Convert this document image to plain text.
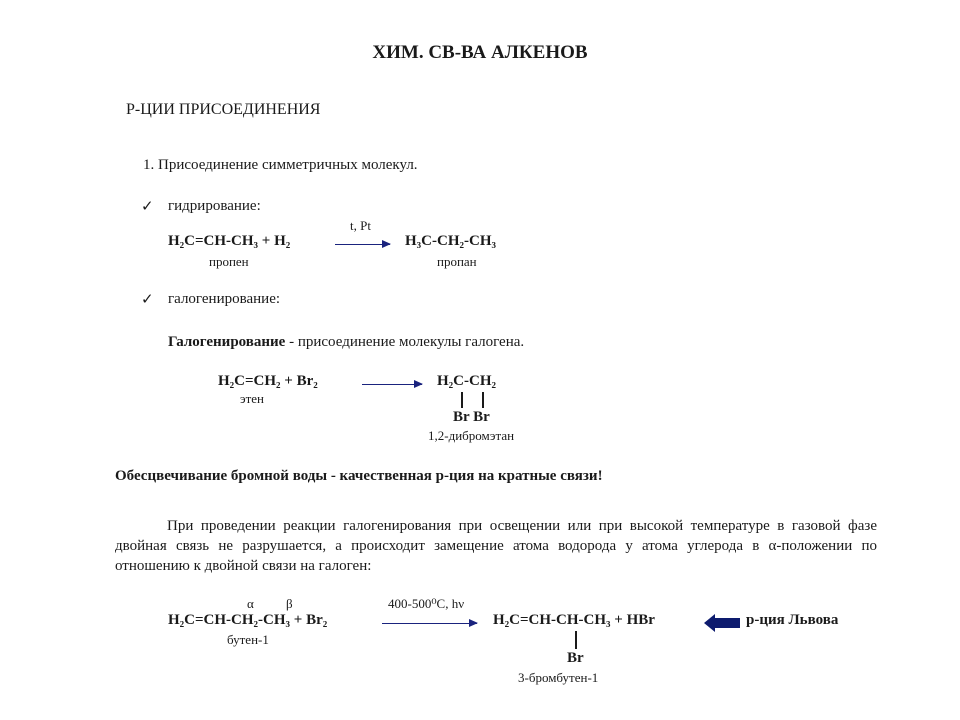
ХИМ. СВ-ВА АЛКЕНОВ
Р-ЦИИ ПРИСОЕДИНЕНИЯ
1. Присоединение симметричных молекул.
✓ гидрирование:
t, Pt
H₂C=CH-CH₃ + H₂	→ H₃C-CH₂-CH₃
пропен	пропан
✓ галогенирование:
Галогенирование - присоединение молекулы галогена.
H₂C=CH₂ + Br₂	→ H₂C-CH₂
этен
Br Br
1,2-дибромэтан
Обесцвечивание бромной воды - качественная р-ция на кратные связи!
При проведении реакции галогенирования при освещении или при высокой температуре в газовой фазе двойная связь не разрушается, а происходит замещение атома водорода у атома углерода в α-положении по отношению к двойной связи на галоген:
α β	400-500⁰С, hν
H₂C=CH-CH₂-CH₃ + Br₂	H₂C=CH-CH-CH₃ + HBr	р-ция Львова
бутен-1
Br
3-бромбутен-1
